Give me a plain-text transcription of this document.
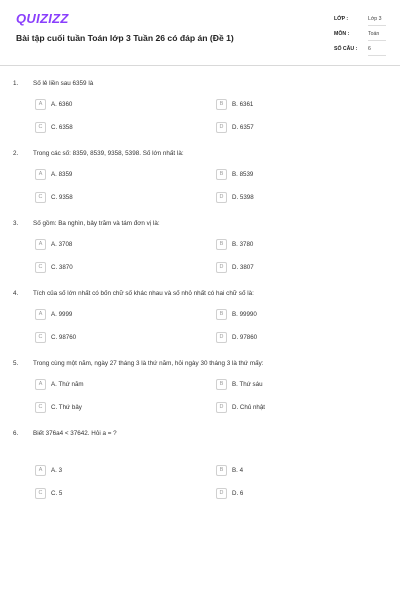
QUIZIZZ
Bài tập cuối tuần Toán lớp 3 Tuần 26 có đáp án (Đề 1)
LỚP :	Lớp 3
MÔN :	Toán
SỐ CÂU : 6
1. Số lẻ liền sau 6359 là
A	A. 6360	B	B. 6361
C	C. 6358	D	D. 6357
2. Trong các số: 8359, 8539, 9358, 5398. Số lớn nhất là:
A	A. 8359	B	B. 8539
C	C. 9358	D	D. 5398
3. Số gồm: Ba nghìn, bảy trăm và tám đơn vị là:
A	A. 3708	B	B. 3780
C	C. 3870	D	D. 3807
4. Tích của số lớn nhất có bốn chữ số khác nhau và số nhỏ nhất có hai chữ số là:
A	A. 9999	B	B. 99990
C	C. 98760	D	D. 97860
5. Trong cùng một năm, ngày 27 tháng 3 là thứ năm, hỏi ngày 30 tháng 3 là thứ mấy:
A	A. Thứ năm	B	B. Thứ sáu
C	C. Thứ bảy	D	D. Chủ nhật
6. Biết 376a4 < 37642. Hỏi a = ?
A	A. 3	B	B. 4
C	C. 5	D	D. 6
